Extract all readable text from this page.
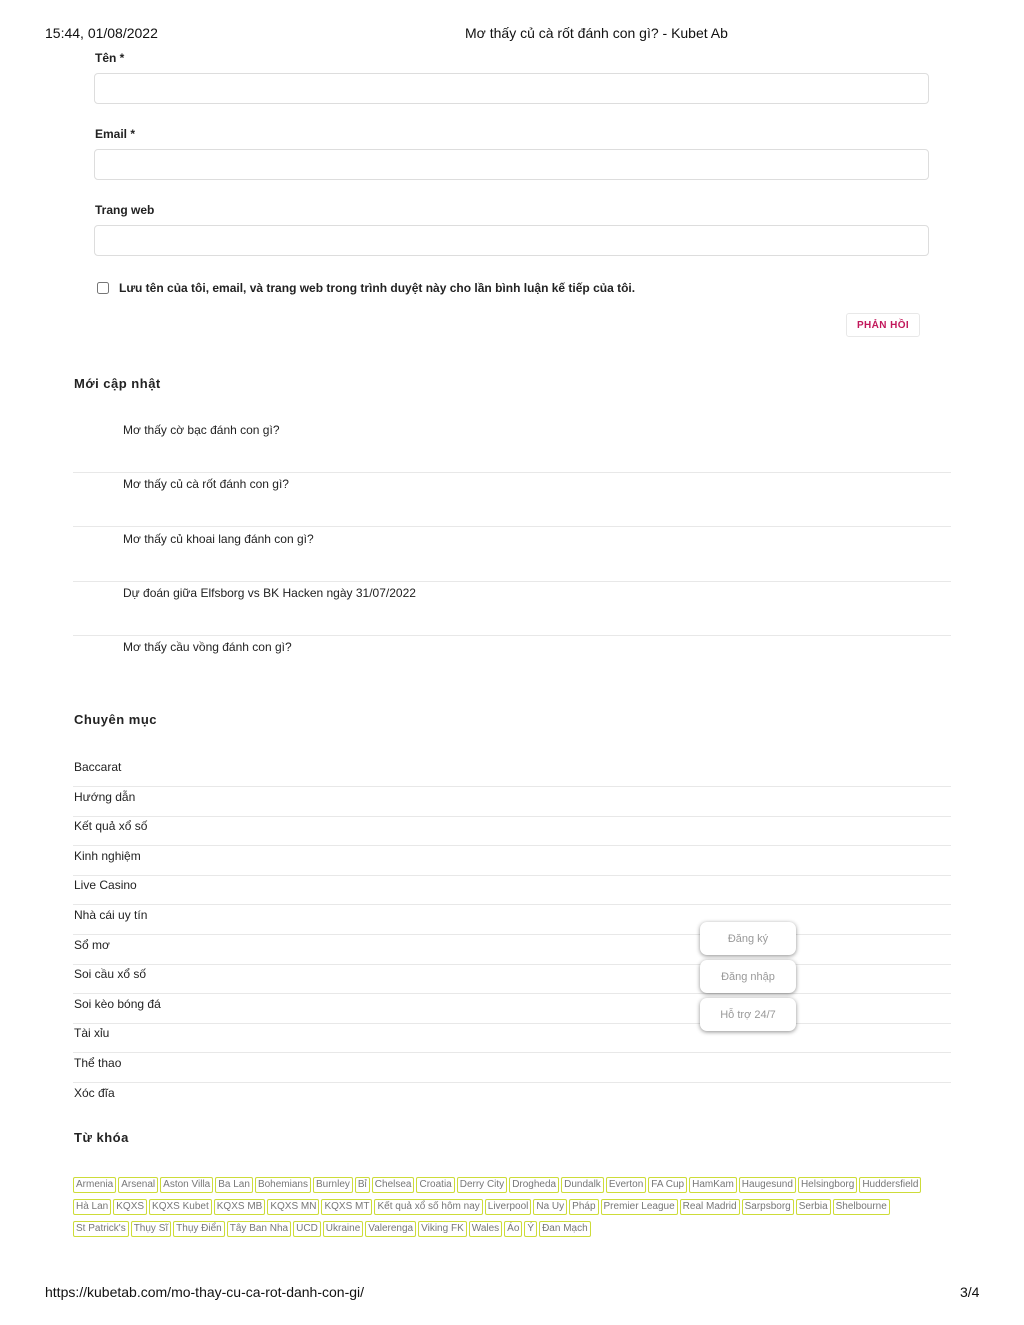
15:44, 01/08/2022	Mơ thấy củ cà rốt đánh con gì? - Kubet Ab
Tên *
Email *
Trang web
Lưu tên của tôi, email, và trang web trong trình duyệt này cho lần bình luận kế tiếp của tôi.
PHẢN HỒI
Mới cập nhật
Mơ thấy cờ bạc đánh con gì?
Mơ thấy củ cà rốt đánh con gì?
Mơ thấy củ khoai lang đánh con gì?
Dự đoán giữa Elfsborg vs BK Hacken ngày 31/07/2022
Mơ thấy cầu vồng đánh con gì?
Chuyên mục
Baccarat
Hướng dẫn
Kết quả xổ số
Kinh nghiệm
Live Casino
Nhà cái uy tín
Sổ mơ
Soi cầu xổ số
Soi kèo bóng đá
Tài xỉu
Thể thao
Xóc đĩa
Từ khóa
Armenia Arsenal Aston Villa Ba Lan Bohemians Burnley Bỉ Chelsea Croatia Derry City Drogheda Dundalk Everton FA Cup HamKam Haugesund Helsingborg HuddersfieldHà Lan KQXS KQXS Kubet KQXS MB KQXS MN KQXS MT Kết quả xổ số hôm nay Liverpool Na Uy Pháp Premier League Real Madrid Sarpsborg Serbia ShelbourneSt Patrick's Thụy Sĩ Thụy Điển Tây Ban Nha UCD Ukraine Valerenga Viking FK Wales Áo Ý Đan Mạch
Đăng ký
Đăng nhập
Hỗ trợ 24/7
https://kubetab.com/mo-thay-cu-ca-rot-danh-con-gi/	3/4
